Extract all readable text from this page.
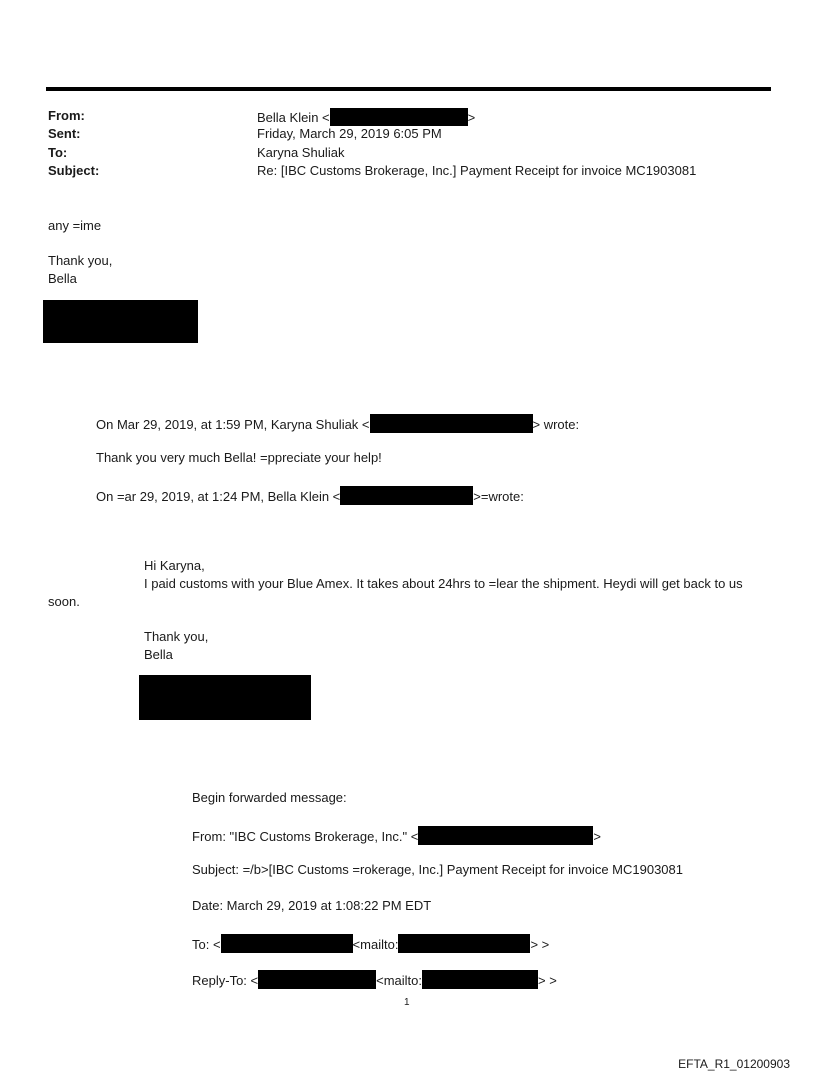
From:	Bella Klein <	>
Sent:	Friday, March 29, 2019 6:05 PM
To:	Karyna Shuliak
Subject:	Re: [IBC Customs Brokerage, Inc.] Payment Receipt for invoice MC1903081
any =ime
Thank you,
Bella
On Mar 29, 2019, at 1:59 PM, Karyna Shuliak <	> wrote:
Thank you very much Bella! =ppreciate your help!
On =ar 29, 2019, at 1:24 PM, Bella Klein <	>=wrote:
Hi Karyna,
I paid customs with your Blue Amex. It takes about 24hrs to =lear the shipment. Heydi will get back to us
soon.
Thank you,
Bella
Begin forwarded message:
From: "IBC Customs Brokerage, Inc." <	>
Subject: =/b>[IBC Customs =rokerage, Inc.] Payment Receipt for invoice MC1903081
Date: March 29, 2019 at 1:08:22 PM EDT
To: <	<mailto:	> >
Reply-To: <	<mailto:	> >
1
EFTA_R1_01200903
